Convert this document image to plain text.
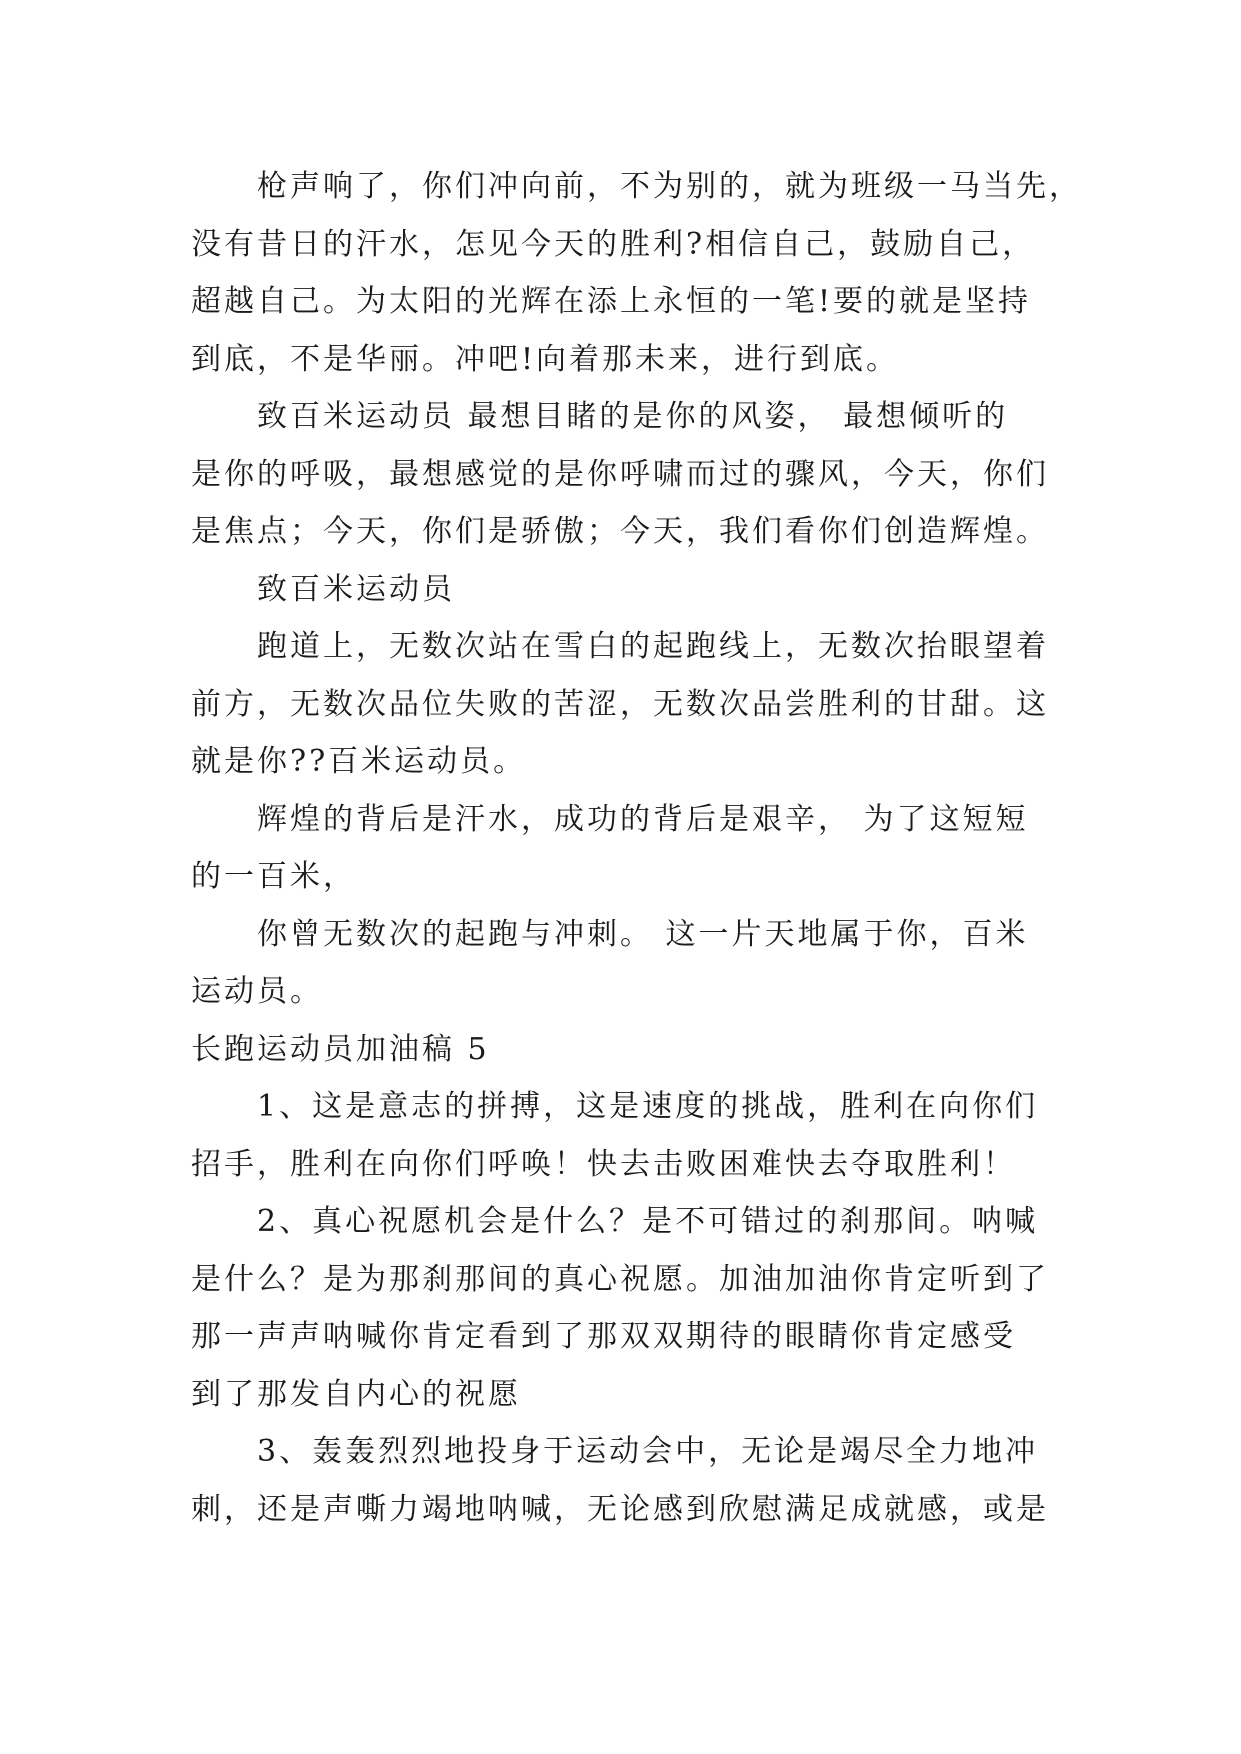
枪声响了，你们冲向前，不为别的，就为班级一马当先，
没有昔日的汗水，怎见今天的胜利?相信自己，鼓励自己，
超越自己。为太阳的光辉在添上永恒的一笔!要的就是坚持
到底，不是华丽。冲吧!向着那未来，进行到底。
致百米运动员 最想目睹的是你的风姿， 最想倾听的
是你的呼吸，最想感觉的是你呼啸而过的骤风，今天，你们
是焦点；今天，你们是骄傲；今天，我们看你们创造辉煌。
致百米运动员
跑道上，无数次站在雪白的起跑线上，无数次抬眼望着
前方，无数次品位失败的苦涩，无数次品尝胜利的甘甜。这
就是你??百米运动员。
辉煌的背后是汗水，成功的背后是艰辛， 为了这短短
的一百米，
你曾无数次的起跑与冲刺。 这一片天地属于你，百米
运动员。
长跑运动员加油稿 5
1、这是意志的拼搏，这是速度的挑战，胜利在向你们
招手，胜利在向你们呼唤！快去击败困难快去夺取胜利！
2、真心祝愿机会是什么？是不可错过的刹那间。呐喊
是什么？是为那刹那间的真心祝愿。加油加油你肯定听到了
那一声声呐喊你肯定看到了那双双期待的眼睛你肯定感受
到了那发自内心的祝愿
3、轰轰烈烈地投身于运动会中，无论是竭尽全力地冲
刺，还是声嘶力竭地呐喊，无论感到欣慰满足成就感，或是
